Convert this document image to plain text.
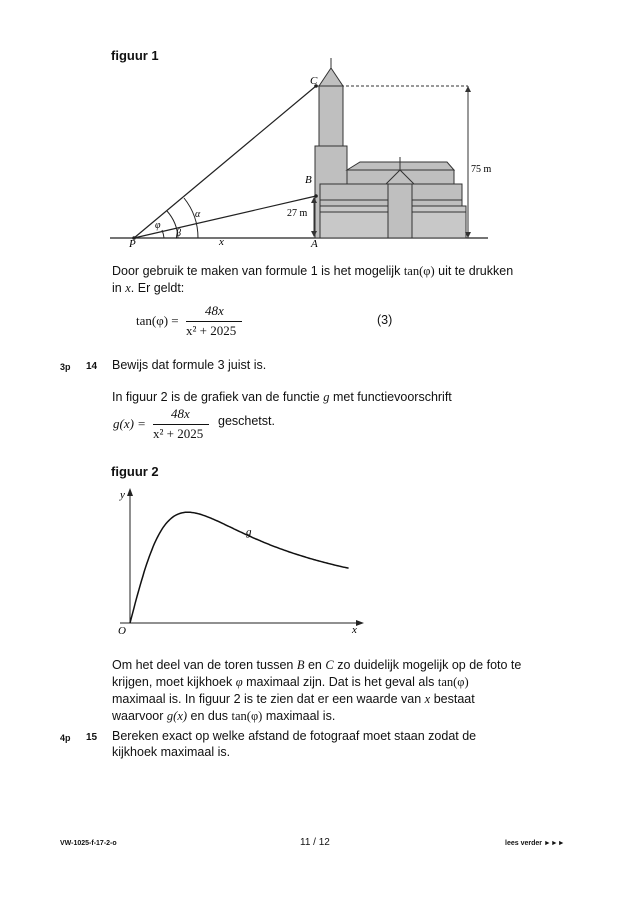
figuur 1
C
B
P	A
x
75 m
27 m
φ
α
β
Door gebruik te maken van formule 1 is het mogelijk tan(φ) uit te drukken
in x. Er geldt:
tan(φ) =
48x
x² + 2025
(3)
3p 14 Bewijs dat formule 3 juist is.
In figuur 2 is de grafiek van de functie g met functievoorschrift
g(x) =
48x
x² + 2025
geschetst.
figuur 2
y
x
O
g
Om het deel van de toren tussen B en C zo duidelijk mogelijk op de foto te
krijgen, moet kijkhoek φ maximaal zijn. Dat is het geval als tan(φ)
maximaal is. In figuur 2 is te zien dat er een waarde van x bestaat
waarvoor g(x) en dus tan(φ) maximaal is.
4p 15 Bereken exact op welke afstand de fotograaf moet staan zodat de
kijkhoek maximaal is.
VW-1025-f-17-2-o	11 / 12	lees verder ►►►
